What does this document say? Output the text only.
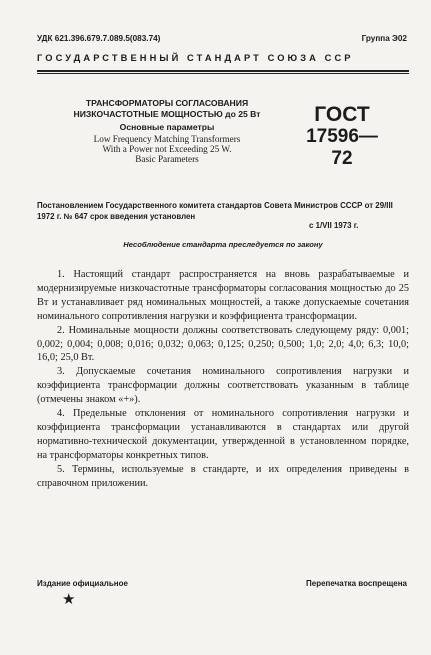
УДК 621.396.679.7.089.5(083.74)	Группа Э02
ГОСУДАРСТВЕННЫЙ СТАНДАРТ СОЮЗА ССР
ТРАНСФОРМАТОРЫ СОГЛАСОВАНИЯ
НИЗКОЧАСТОТНЫЕ МОЩНОСТЬЮ до 25 Вт
Основные параметры
Low Frequency Matching Transformers
With a Power not Exceeding 25 W.
Basic Parameters
ГОСТ
17596—72
Постановлением Государственного комитета стандартов Совета Министров СССР от 29/III 1972 г. № 647 срок введения установлен
с 1/VII 1973 г.
Несоблюдение стандарта преследуется по закону

1. Настоящий стандарт распространяется на вновь разрабатываемые и модернизируемые низкочастотные трансформаторы согласования мощностью до 25 Вт и устанавливает ряд номинальных мощностей, а также допускаемые сочетания номинального сопротивления нагрузки и коэффициента трансформации.

2. Номинальные мощности должны соответствовать следующему ряду: 0,001; 0,002; 0,004; 0,008; 0,016; 0,032; 0,063; 0,125; 0,250; 0,500; 1,0; 2,0; 4,0; 6,3; 10,0; 16,0; 25,0 Вт.

3. Допускаемые сочетания номинального сопротивления нагрузки и коэффициента трансформации должны соответствовать указанным в таблице (отмечены знаком «+»).

4. Предельные отклонения от номинального сопротивления нагрузки и коэффициента трансформации устанавливаются в стандартах или другой нормативно-технической документации, утвержденной в установленном порядке, на трансформаторы конкретных типов.

5. Термины, используемые в стандарте, и их определения приведены в справочном приложении.

Издание официальное	Перепечатка воспрещена
★
